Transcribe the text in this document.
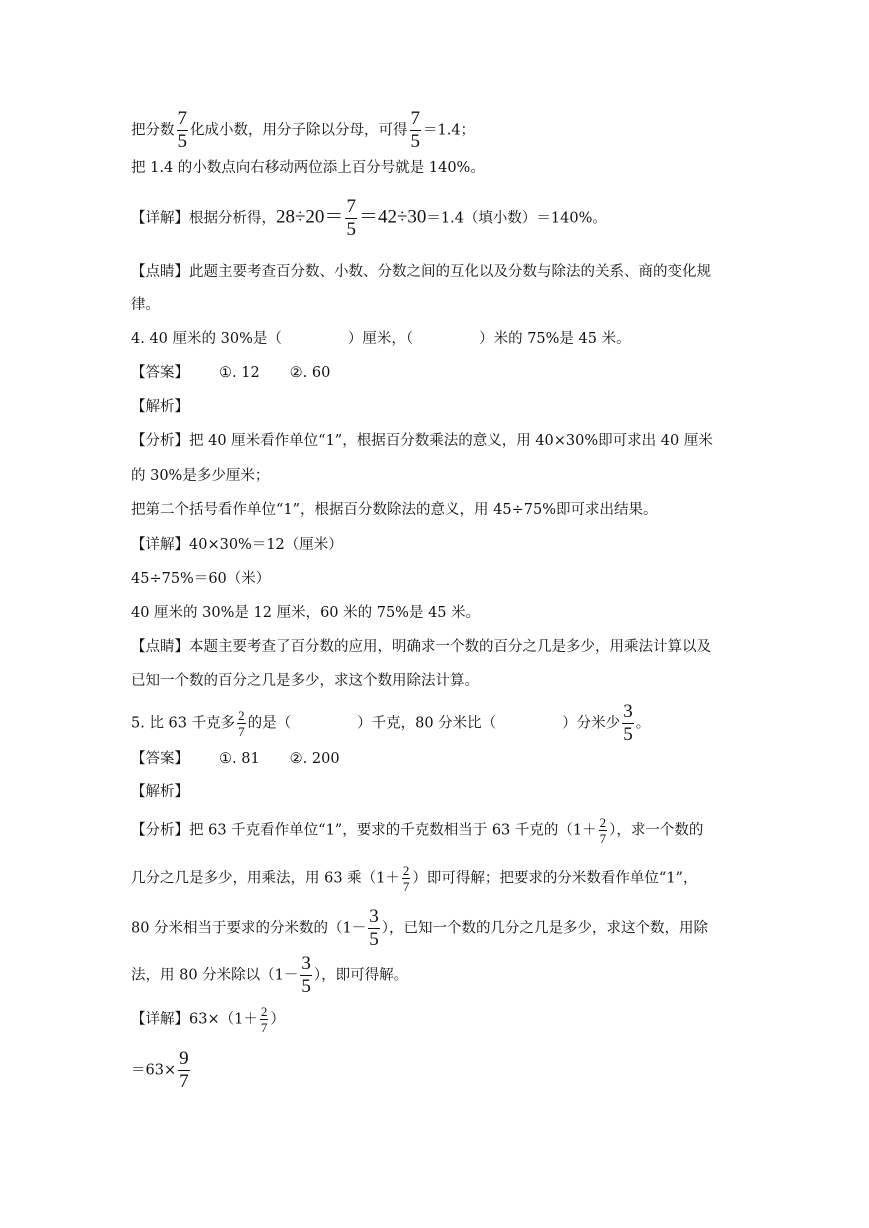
把分数 $\frac{7}{5}$ 化成小数，用分子除以分母，可得 $\frac{7}{5} =1.4$；
把 1.4 的小数点向右移动两位添上百分号就是 140%。
【详解】根据分析得，$28\div 20= \frac{7}{5} =42\div 30=1.4$（填小数）＝140%。
【点睛】此题主要考查百分数、小数、分数之间的互化以及分数与除法的关系、商的变化规
律。
4. 40 厘米的 30%是（	）厘米，（	）米的 75%是 45 米。
【答案】 ①. 12 ②. 60
【解析】
【分析】把 40 厘米看作单位“1”，根据百分数乘法的意义，用 40×30%即可求出 40 厘米
的 30%是多少厘米；
把第二个括号看作单位“1”，根据百分数除法的意义，用 45÷75%即可求出结果。
【详解】40×30%＝12（厘米）
45÷75%＝60（米）
40 厘米的 30%是 12 厘米，60 米的 75%是 45 米。
【点睛】本题主要考查了百分数的应用，明确求一个数的百分之几是多少，用乘法计算以及
已知一个数的百分之几是多少，求这个数用除法计算。
5. 比 63 千克多 $\frac{2}{7}$ 的是（	）千克，80 分米比（	）分米少 $\frac{3}{5}$ 。
【答案】 ①. 81 ②. 200
【解析】
【分析】把 63 千克看作单位“1”，要求的千克数相当于 63 千克的（$1+ \frac{2}{7}$ ），求一个数的
几分之几是多少，用乘法，用 63 乘（$1+ \frac{2}{7}$ ）即可得解；把要求的分米数看作单位“1”，
80 分米相当于要求的分米数的（$1- \frac{3}{5}$ ），已知一个数的几分之几是多少，求这个数，用除
法，用 80 分米除以（$1- \frac{3}{5}$ ），即可得解。
【详解】$63\times(1+ \frac{2}{7}$ ）
$=63\times \frac{9}{7}$
